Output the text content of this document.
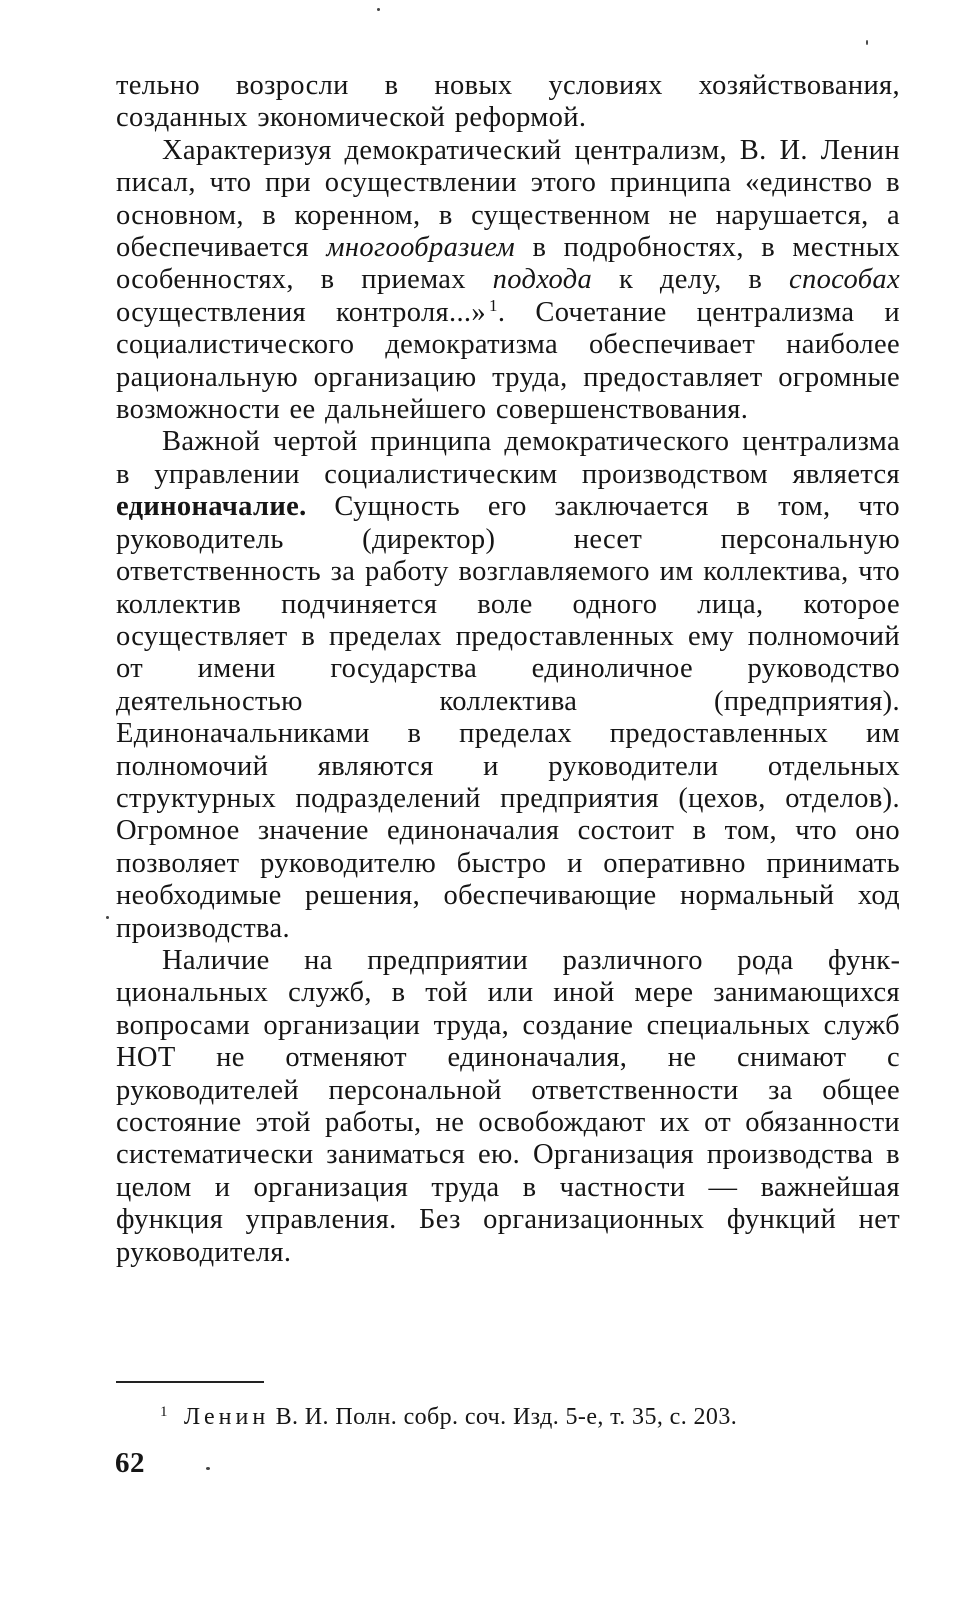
тельно возросли в новых условиях хозяйствования, созданных экономической реформой.

Характеризуя демократический централизм, В. И. Ленин писал, что при осуществлении этого принципа «единство в основном, в коренном, в существенном не нарушается, а обеспечивается многообразием в подробностях, в местных особенностях, в приемах подхода к делу, в способах осуществления контроля...» $^1$. Сочетание централизма и социалистического демократизма обеспечивает наиболее рациональную организацию труда, предоставляет огромные возможности ее дальнейшего совершенствования.

Важной чертой принципа демократического централизма в управлении социалистическим производством является единоначалие. Сущность его заключается в том, что руководитель (директор) несет персональную ответственность за работу возглавляемого им коллектива, что коллектив подчиняется воле одного лица, которое осуществляет в пределах предоставленных ему полномочий от имени государства единоличное руководство деятельностью коллектива (предприятия). Единоначальниками в пределах предоставленных им полномочий являются и руководители отдельных структурных подразделений предприятия (цехов, отделов). Огромное значение единоначалия состоит в том, что оно позволяет руководителю быстро и оперативно принимать необходимые решения, обеспечивающие нормальный ход производства.

Наличие на предприятии различного рода функциональных служб, в той или иной мере занимающихся вопросами организации труда, создание специальных служб НОТ не отменяют единоначалия, не снимают с руководителей персональной ответственности за общее состояние этой работы, не освобождают их от обязанности систематически заниматься ею. Организация производства в целом и организация труда в частности — важнейшая функция управления. Без организационных функций нет руководителя.

$^1$ Ленин В. И. Полн. собр. соч. Изд. 5-е, т. 35, с. 203.
62
